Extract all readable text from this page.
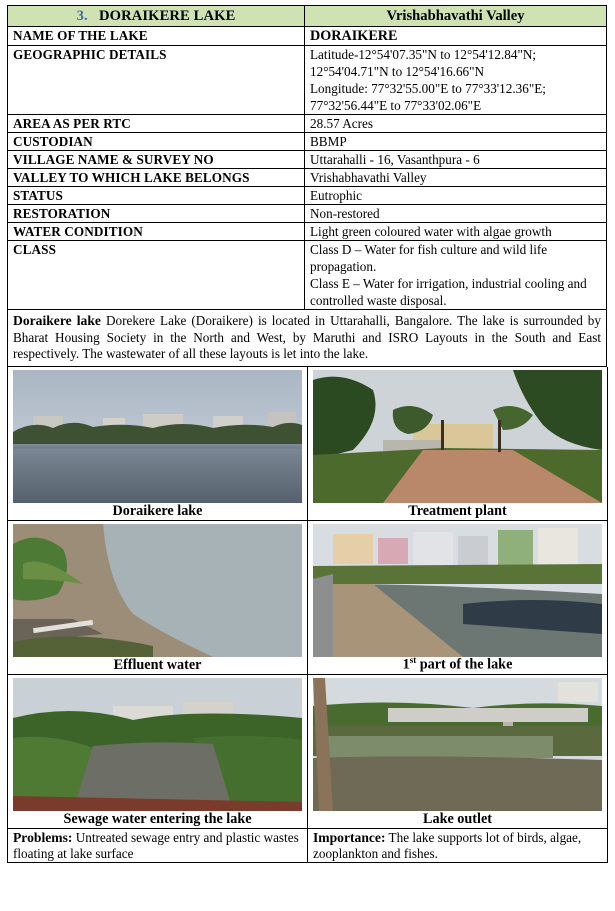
3. DORAIKERE LAKE	Vrishabhavathi Valley
NAME OF THE LAKE	DORAIKERE
GEOGRAPHIC DETAILS	Latitude-12°54'07.35"N to 12°54'12.84"N;
12°54'04.71"N to 12°54'16.66"N
Longitude: 77°32'55.00"E to 77°33'12.36"E;
77°32'56.44"E to 77°33'02.06"E

AREA AS PER RTC	28.57 Acres
CUSTODIAN	BBMP
VILLAGE NAME & SURVEY NO	Uttarahalli - 16, Vasanthpura - 6
VALLEY TO WHICH LAKE BELONGS	Vrishabhavathi Valley
STATUS	Eutrophic
RESTORATION	Non-restored
WATER CONDITION	Light green coloured water with algae growth
CLASS	Class D – Water for fish culture and wild life propagation.
Class E – Water for irrigation, industrial cooling and controlled waste disposal.
Doraikere lake Dorekere Lake (Doraikere) is located in Uttarahalli, Bangalore. The lake is surrounded by Bharat Housing Society in the North and West, by Maruthi and ISRO Layouts in the South and East respectively. The wastewater of all these layouts is let into the lake.
Doraikere lake	Treatment plant
Effluent water	1st part of the lake
Sewage water entering the lake	Lake outlet
Problems: Untreated sewage entry and plastic wastes floating at lake surface
Importance: The lake supports lot of birds, algae, zooplankton and fishes.
